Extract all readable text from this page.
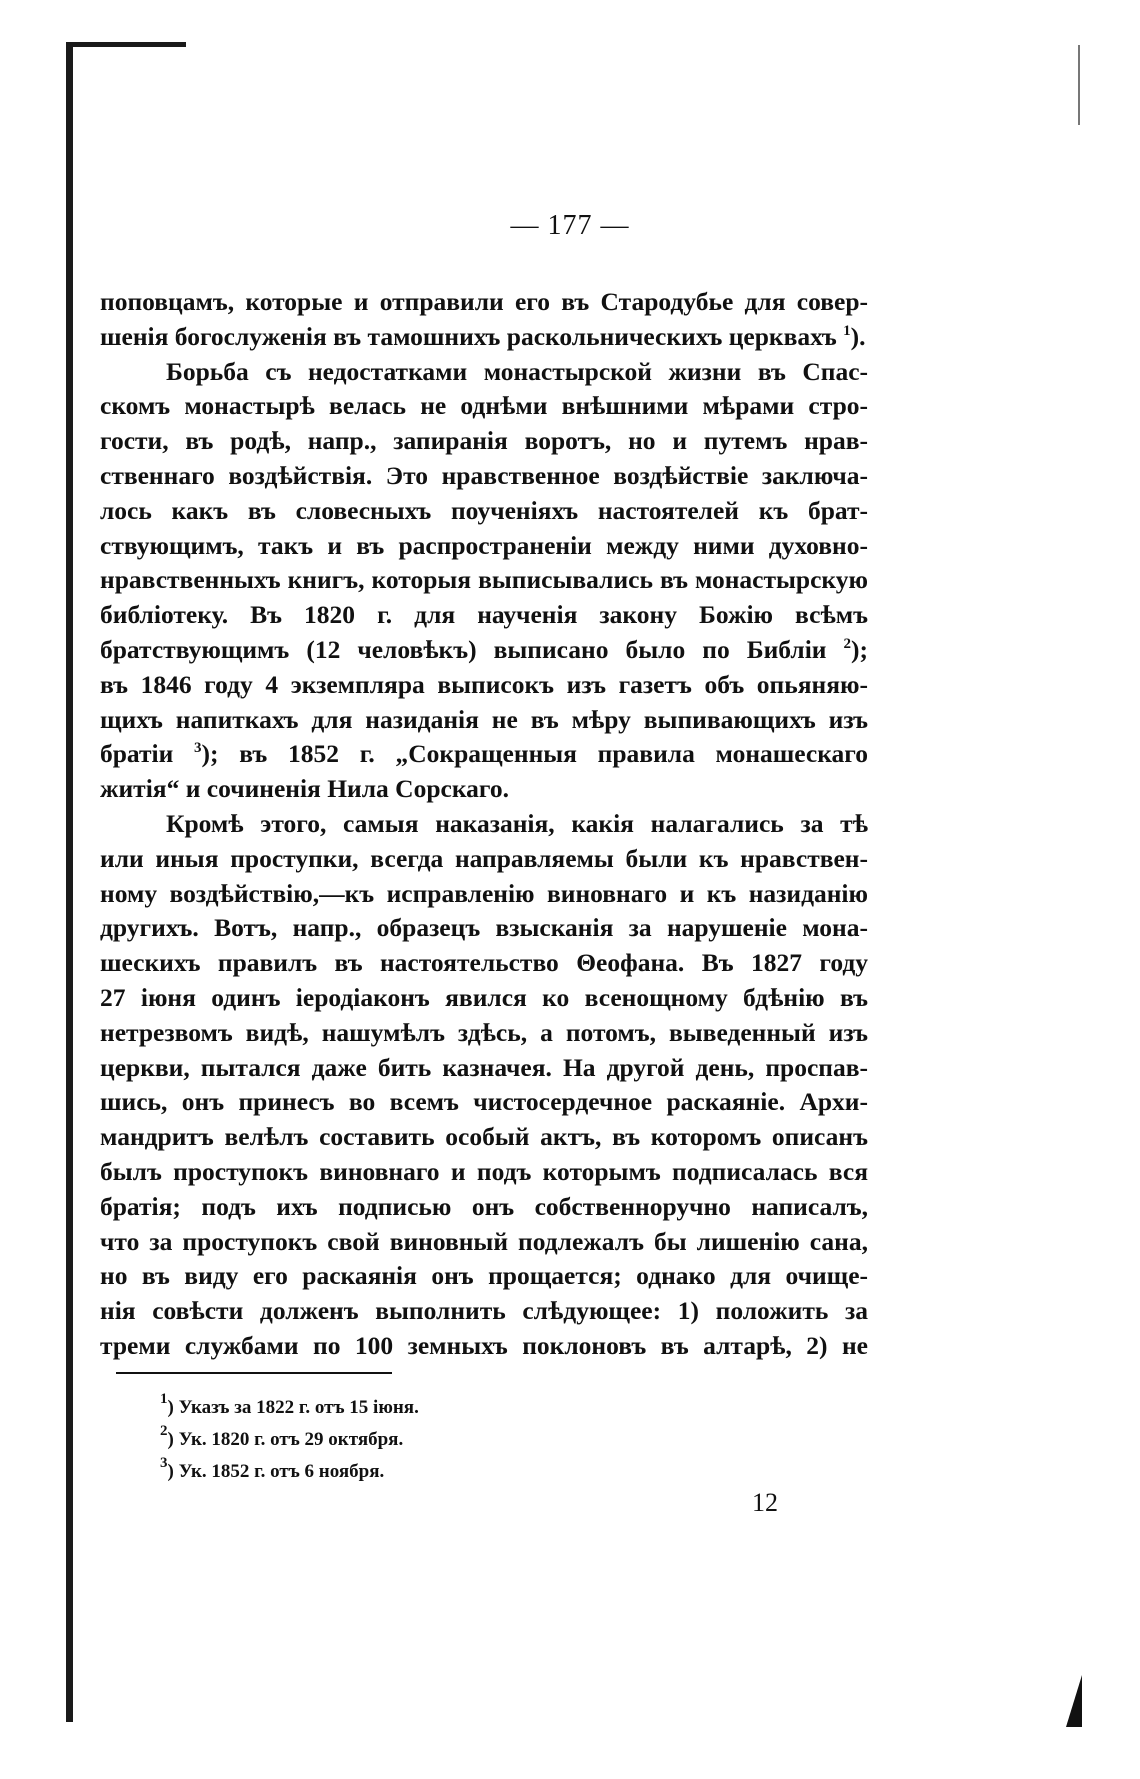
— 177 —
поповцамъ, которые и отправили его въ Стародубье для совер-
шенія богослуженія въ тамошнихъ раскольническихъ церквахъ $^1$).
Борьба съ недостатками монастырской жизни въ Спас-
скомъ монастырѣ велась не однѣми внѣшними мѣрами стро-
гости, въ родѣ, напр., запиранія воротъ, но и путемъ нрав-
ственнаго воздѣйствія. Это нравственное воздѣйствіе заключа-
лось какъ въ словесныхъ поученіяхъ настоятелей къ брат-
ствующимъ, такъ и въ распространеніи между ними духовно-
нравственныхъ книгъ, которыя выписывались въ монастырскую
библіотеку. Въ 1820 г. для наученія закону Божію всѣмъ
братствующимъ (12 человѣкъ) выписано было по Библіи $^2$);
въ 1846 году 4 экземпляра выписокъ изъ газетъ объ опьяняю-
щихъ напиткахъ для назиданія не въ мѣру выпивающихъ изъ
братіи $^3$); въ 1852 г. „Сокращенныя правила монашескаго
житія“ и сочиненія Нила Сорскаго.
Кромѣ этого, самыя наказанія, какія налагались за тѣ
или иныя проступки, всегда направляемы были къ нравствен-
ному воздѣйствію,—къ исправленію виновнаго и къ назиданію
другихъ. Вотъ, напр., образецъ взысканія за нарушеніе мона-
шескихъ правилъ въ настоятельство Θеофана. Въ 1827 году
27 іюня одинъ іеродіаконъ явился ко всенощному бдѣнію въ
нетрезвомъ видѣ, нашумѣлъ здѣсь, а потомъ, выведенный изъ
церкви, пытался даже бить казначея. На другой день, проспав-
шись, онъ принесъ во всемъ чистосердечное раскаяніе. Архи-
мандритъ велѣлъ составить особый актъ, въ которомъ описанъ
былъ проступокъ виновнаго и подъ которымъ подписалась вся
братія; подъ ихъ подписью онъ собственноручно написалъ,
что за проступокъ свой виновный подлежалъ бы лишенію сана,
но въ виду его раскаянія онъ прощается; однако для очище-
нія совѣсти долженъ выполнить слѣдующее: 1) положить за
треми службами по 100 земныхъ поклоновъ въ алтарѣ, 2) не
$^1$) Указъ за 1822 г. отъ 15 іюня.
$^2$) Ук. 1820 г. отъ 29 октября.
$^3$) Ук. 1852 г. отъ 6 ноября.
12
